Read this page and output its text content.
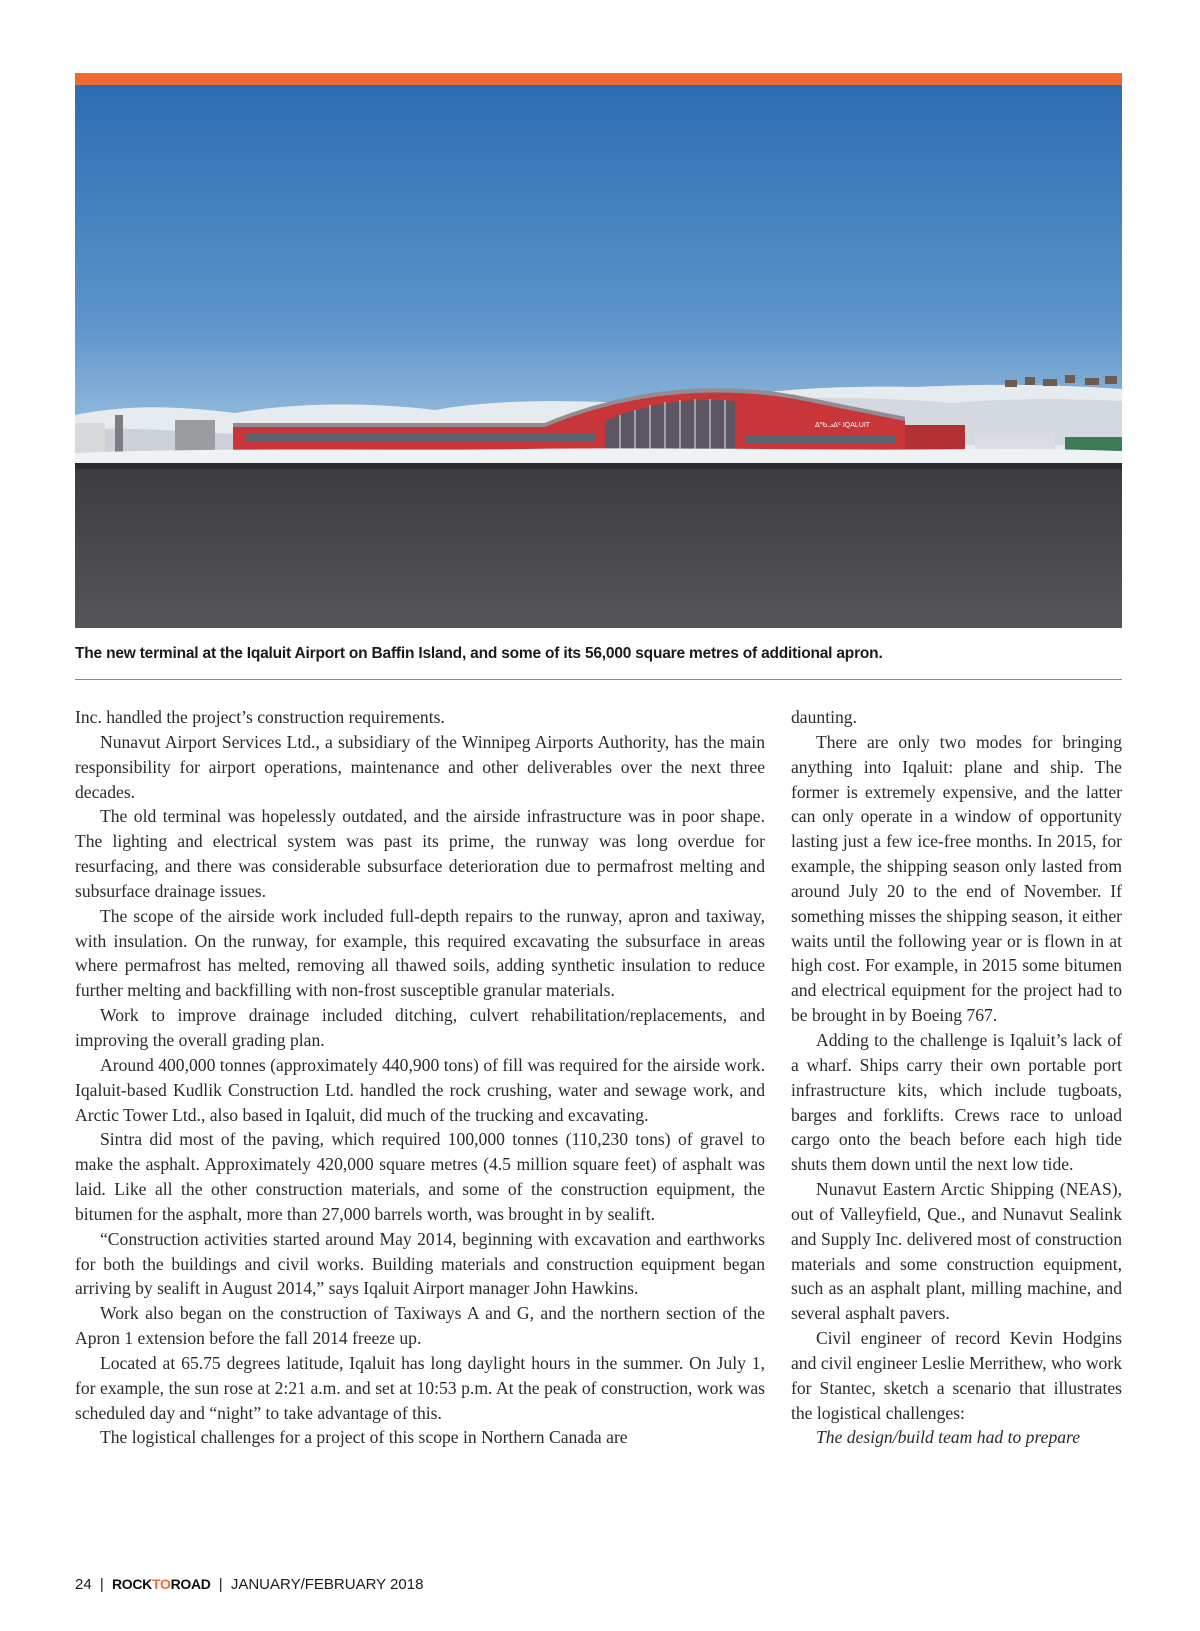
ᐃᖃᓗᐃᑦ IQALUIT
The new terminal at the Iqaluit Airport on Baffin Island, and some of its 56,000 square metres of additional apron.

Inc. handled the project’s construction requirements.

Nunavut Airport Services Ltd., a subsidiary of the Winnipeg Airports Authority, has the main responsibility for airport operations, maintenance and other deliverables over the next three decades.

The old terminal was hopelessly outdated, and the airside infrastructure was in poor shape. The lighting and electrical system was past its prime, the runway was long overdue for resurfacing, and there was considerable subsurface deterioration due to permafrost melting and subsurface drainage issues.

The scope of the airside work included full-depth repairs to the runway, apron and taxiway, with insulation. On the runway, for example, this required excavating the subsurface in areas where permafrost has melted, removing all thawed soils, adding synthetic insulation to reduce further melting and backfilling with non-frost susceptible granular materials.

Work to improve drainage included ditching, culvert rehabilitation/replacements, and improving the overall grading plan.

Around 400,000 tonnes (approximately 440,900 tons) of fill was required for the airside work. Iqaluit-based Kudlik Construction Ltd. handled the rock crushing, water and sewage work, and Arctic Tower Ltd., also based in Iqaluit, did much of the trucking and excavating.

Sintra did most of the paving, which required 100,000 tonnes (110,230 tons) of gravel to make the asphalt. Approximately 420,000 square metres (4.5 million square feet) of asphalt was laid. Like all the other construction materials, and some of the construction equipment, the bitumen for the asphalt, more than 27,000 barrels worth, was brought in by sealift.

“Construction activities started around May 2014, beginning with excavation and earthworks for both the buildings and civil works. Building materials and construction equipment began arriving by sealift in August 2014,” says Iqaluit Airport manager John Hawkins.

Work also began on the construction of Taxiways A and G, and the northern section of the Apron 1 extension before the fall 2014 freeze up.

Located at 65.75 degrees latitude, Iqaluit has long daylight hours in the summer. On July 1, for example, the sun rose at 2:21 a.m. and set at 10:53 p.m. At the peak of construction, work was scheduled day and “night” to take advantage of this.

The logistical challenges for a project of this scope in Northern Canada are

daunting.

There are only two modes for bringing anything into Iqaluit: plane and ship. The former is extremely expensive, and the latter can only operate in a window of opportunity lasting just a few ice-free months. In 2015, for example, the shipping season only lasted from around July 20 to the end of November. If something misses the shipping season, it either waits until the following year or is flown in at high cost. For example, in 2015 some bitumen and electrical equipment for the project had to be brought in by Boeing 767.

Adding to the challenge is Iqaluit’s lack of a wharf. Ships carry their own portable port infrastructure kits, which include tugboats, barges and forklifts. Crews race to unload cargo onto the beach before each high tide shuts them down until the next low tide.

Nunavut Eastern Arctic Shipping (NEAS), out of Valleyfield, Que., and Nunavut Sealink and Supply Inc. delivered most of construction materials and some construction equipment, such as an asphalt plant, milling machine, and several asphalt pavers.

Civil engineer of record Kevin Hodgins and civil engineer Leslie Merrithew, who work for Stantec, sketch a scenario that illustrates the logistical challenges:

The design/build team had to prepare

24 | ROCKTOROAD | JANUARY/FEBRUARY 2018
